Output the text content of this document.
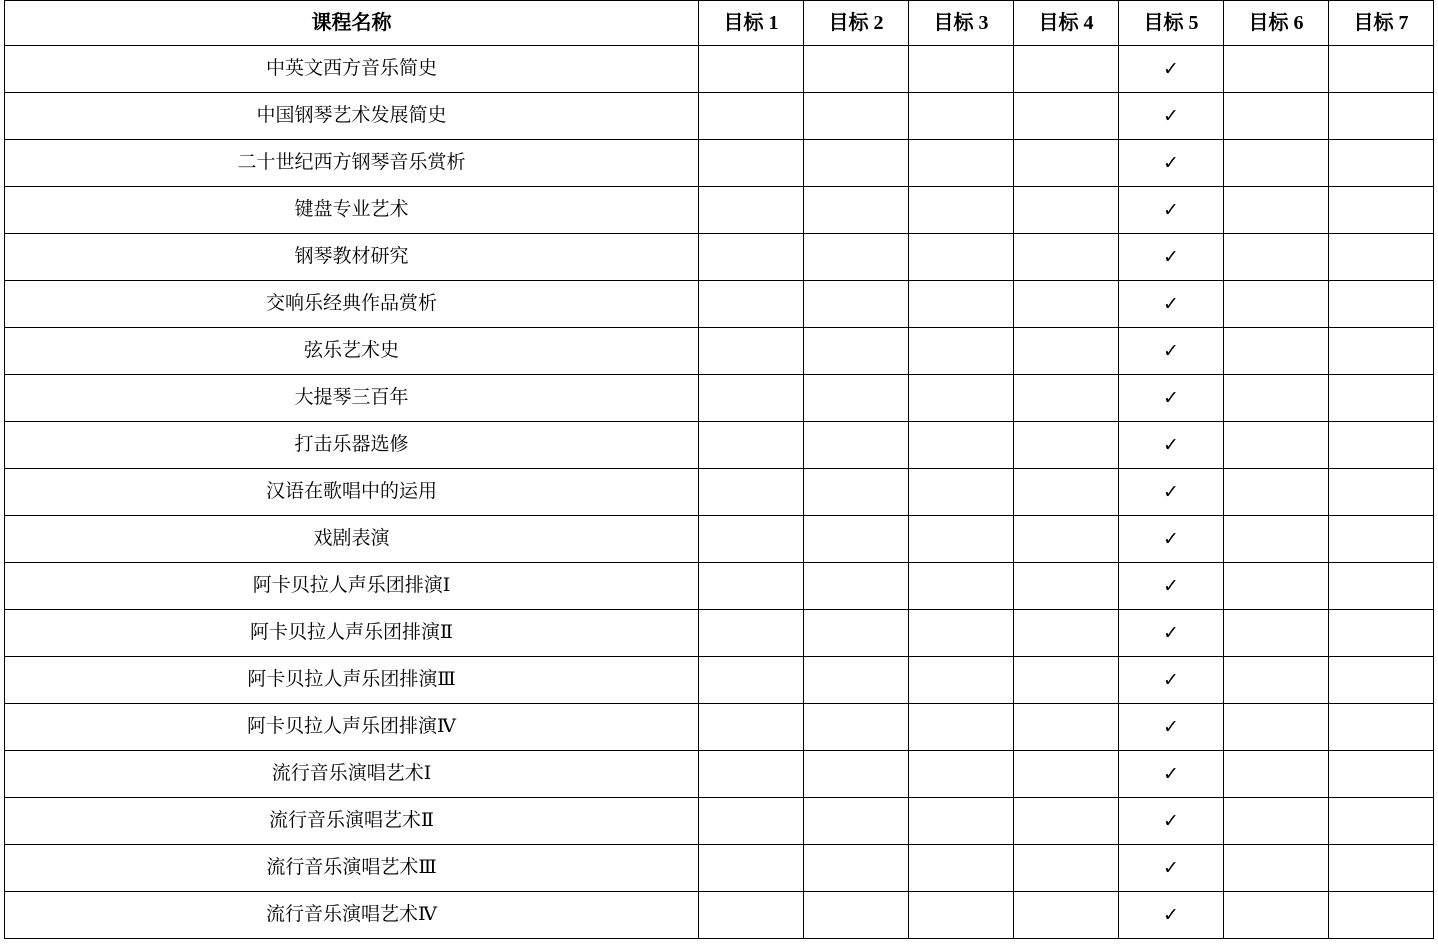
课程名称	目标 1	目标 2	目标 3	目标 4	目标 5	目标 6	目标 7
中英文西方音乐简史					✓		
中国钢琴艺术发展简史					✓		
二十世纪西方钢琴音乐赏析					✓		
键盘专业艺术					✓		
钢琴教材研究					✓		
交响乐经典作品赏析					✓		
弦乐艺术史					✓		
大提琴三百年					✓		
打击乐器选修					✓		
汉语在歌唱中的运用					✓		
戏剧表演					✓		
阿卡贝拉人声乐团排演Ⅰ					✓		
阿卡贝拉人声乐团排演Ⅱ					✓		
阿卡贝拉人声乐团排演Ⅲ					✓		
阿卡贝拉人声乐团排演Ⅳ					✓		
流行音乐演唱艺术Ⅰ					✓		
流行音乐演唱艺术Ⅱ					✓		
流行音乐演唱艺术Ⅲ					✓		
流行音乐演唱艺术Ⅳ					✓		
